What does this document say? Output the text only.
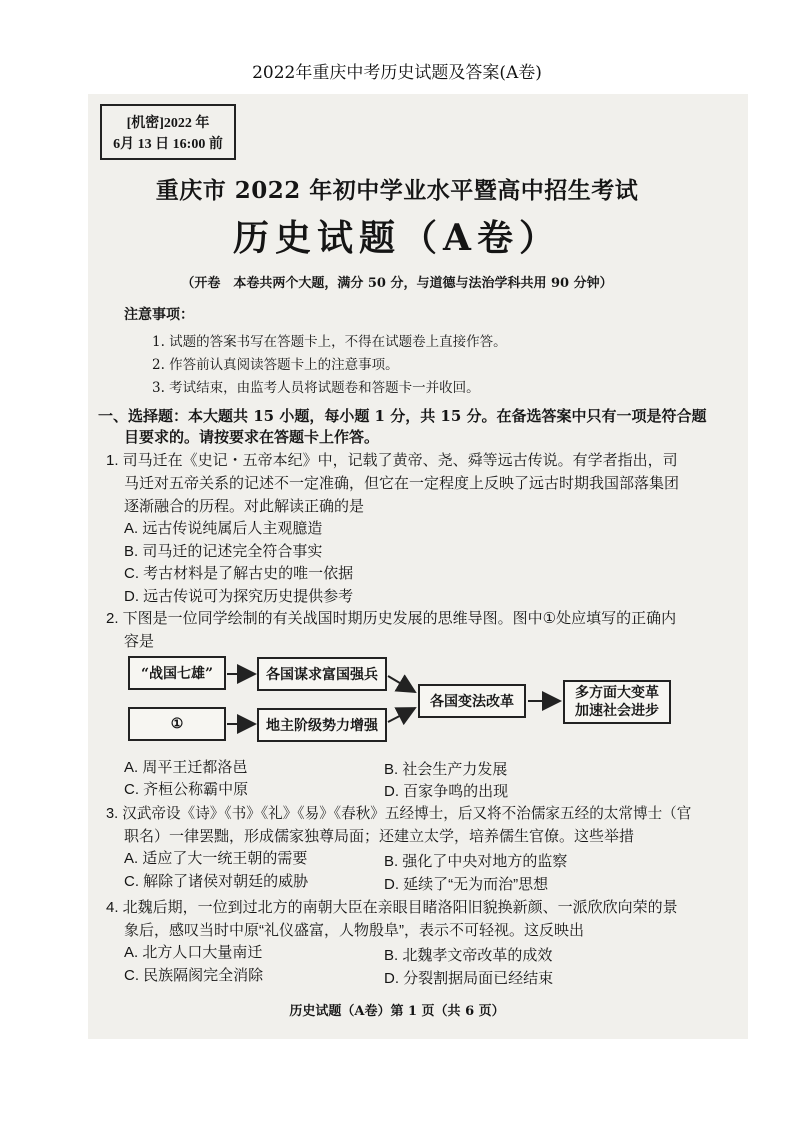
2022年重庆中考历史试题及答案(A卷)
[机密]2022 年
6月 13 日 16:00 前
重庆市 2022 年初中学业水平暨高中招生考试
历史试题（A卷）
（开卷　本卷共两个大题，满分 50 分，与道德与法治学科共用 90 分钟）
注意事项：
1. 试题的答案书写在答题卡上，不得在试题卷上直接作答。
2. 作答前认真阅读答题卡上的注意事项。
3. 考试结束，由监考人员将试题卷和答题卡一并收回。
一、选择题：本大题共 15 小题，每小题 1 分，共 15 分。在备选答案中只有一项是符合题
目要求的。请按要求在答题卡上作答。
1. 司马迁在《史记・五帝本纪》中，记载了黄帝、尧、舜等远古传说。有学者指出，司
马迁对五帝关系的记述不一定准确，但它在一定程度上反映了远古时期我国部落集团
逐渐融合的历程。对此解读正确的是
A. 远古传说纯属后人主观臆造
B. 司马迁的记述完全符合事实
C. 考古材料是了解古史的唯一依据
D. 远古传说可为探究历史提供参考
2. 下图是一位同学绘制的有关战国时期历史发展的思维导图。图中①处应填写的正确内
容是
“战国七雄”	各国谋求富国强兵
①	地主阶级势力增强
各国变法改革
多方面大变革
加速社会进步
A. 周平王迁都洛邑	B. 社会生产力发展
C. 齐桓公称霸中原	D. 百家争鸣的出现
3. 汉武帝设《诗》《书》《礼》《易》《春秋》五经博士，后又将不治儒家五经的太常博士（官
职名）一律罢黜，形成儒家独尊局面；还建立太学，培养儒生官僚。这些举措
A. 适应了大一统王朝的需要	B. 强化了中央对地方的监察
C. 解除了诸侯对朝廷的威胁	D. 延续了“无为而治”思想
4. 北魏后期，一位到过北方的南朝大臣在亲眼目睹洛阳旧貌换新颜、一派欣欣向荣的景
象后，感叹当时中原“礼仪盛富，人物殷阜”，表示不可轻视。这反映出
A. 北方人口大量南迁	B. 北魏孝文帝改革的成效
C. 民族隔阂完全消除	D. 分裂割据局面已经结束
历史试题（A卷）第 1 页（共 6 页）
